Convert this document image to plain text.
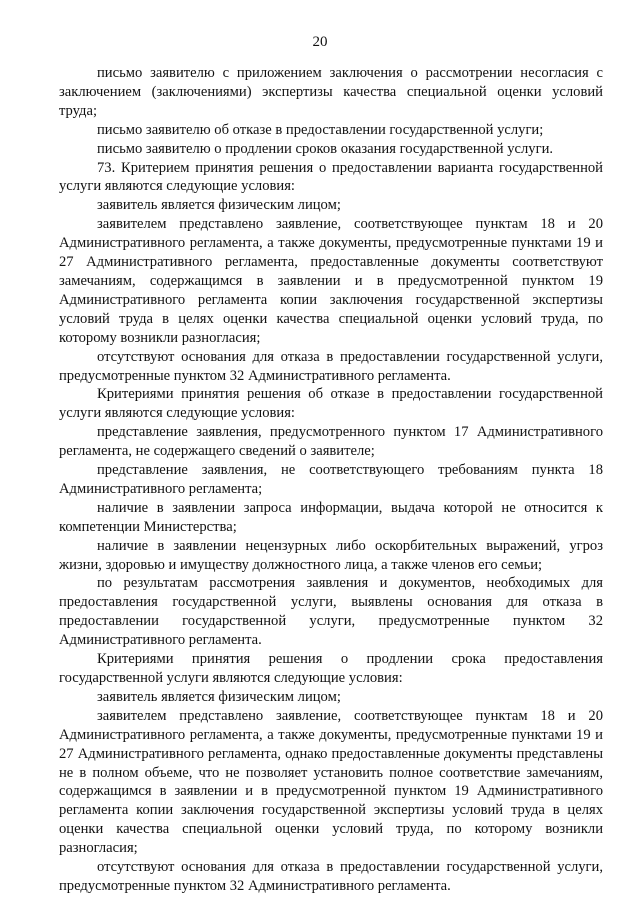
20

письмо заявителю с приложением заключения о рассмотрении несогласия с заключением (заключениями) экспертизы качества специальной оценки условий труда;

письмо заявителю об отказе в предоставлении государственной услуги;

письмо заявителю о продлении сроков оказания государственной услуги.

73. Критерием принятия решения о предоставлении варианта государственной услуги являются следующие условия:

заявитель является физическим лицом;

заявителем представлено заявление, соответствующее пунктам 18 и 20 Административного регламента, а также документы, предусмотренные пунктами 19 и 27 Административного регламента, предоставленные документы соответствуют замечаниям, содержащимся в заявлении и в предусмотренной пунктом 19 Административного регламента копии заключения государственной экспертизы условий труда в целях оценки качества специальной оценки условий труда, по которому возникли разногласия;

отсутствуют основания для отказа в предоставлении государственной услуги, предусмотренные пунктом 32 Административного регламента.

Критериями принятия решения об отказе в предоставлении государственной услуги являются следующие условия:

представление заявления, предусмотренного пунктом 17 Административного регламента, не содержащего сведений о заявителе;

представление заявления, не соответствующего требованиям пункта 18 Административного регламента;

наличие в заявлении запроса информации, выдача которой не относится к компетенции Министерства;

наличие в заявлении нецензурных либо оскорбительных выражений, угроз жизни, здоровью и имуществу должностного лица, а также членов его семьи;

по результатам рассмотрения заявления и документов, необходимых для предоставления государственной услуги, выявлены основания для отказа в предоставлении государственной услуги, предусмотренные пунктом 32 Административного регламента.

Критериями принятия решения о продлении срока предоставления государственной услуги являются следующие условия:

заявитель является физическим лицом;

заявителем представлено заявление, соответствующее пунктам 18 и 20 Административного регламента, а также документы, предусмотренные пунктами 19 и 27 Административного регламента, однако предоставленные документы представлены не в полном объеме, что не позволяет установить полное соответствие замечаниям, содержащимся в заявлении и в предусмотренной пунктом 19 Административного регламента копии заключения государственной экспертизы условий труда в целях оценки качества специальной оценки условий труда, по которому возникли разногласия;

отсутствуют основания для отказа в предоставлении государственной услуги, предусмотренные пунктом 32 Административного регламента.
